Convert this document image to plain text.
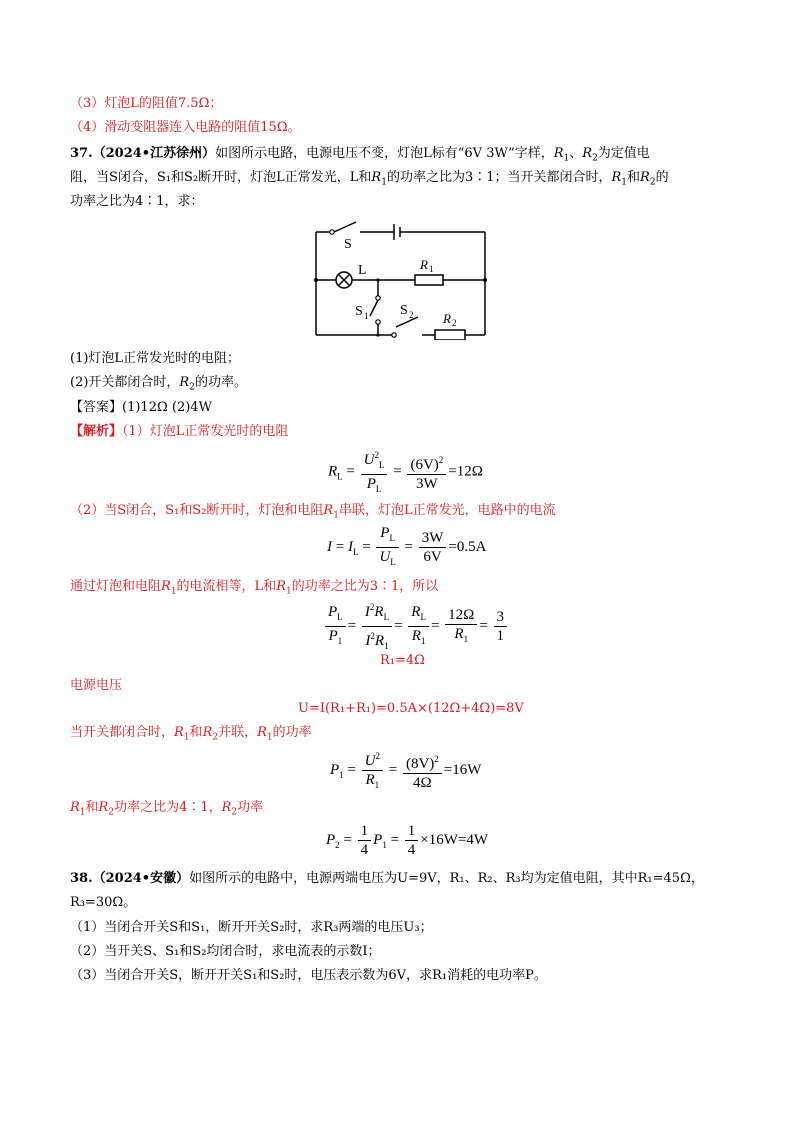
（3）灯泡L的阻值7.5Ω；
（4）滑动变阻器连入电路的阻值15Ω。
37.（2024•江苏徐州）如图所示电路，电源电压不变，灯泡L标有“6V 3W”字样，$R_1$、$R_2$为定值电
阻，当S闭合，S₁和S₂断开时，灯泡L正常发光，L和$R_1$的功率之比为3∶1；当开关都闭合时，$R_1$和$R_2$的
功率之比为4∶1，求：
S
L	R 1
S 1 S 2 R 2
(1)灯泡L正常发光时的电阻；
(2)开关都闭合时，$R_2$的功率。
【答案】(1)12Ω (2)4W
【解析】（1）灯泡L正常发光时的电阻
$R_L = \frac{U^2_L}{P_L} = \frac{(6V)^2}{3W} =12\Omega$
（2）当S闭合，S₁和S₂断开时，灯泡和电阻$R_1$串联，灯泡L正常发光，电路中的电流
$I = I_L = \frac{P_L}{U_L} = \frac{3W}{6V} =0.5A$
通过灯泡和电阻$R_1$的电流相等，L和$R_1$的功率之比为3∶1，所以
$\frac{P_L}{P_1} = \frac{I^2R_L}{I^2R_1} = \frac{R_L}{R_1} = \frac{12\Omega}{R_1} = \frac{3}{1}$
R₁=4Ω
电源电压
U=I(R₁+R₁)=0.5A×(12Ω+4Ω)=8V
当开关都闭合时，$R_1$和$R_2$并联，$R_1$的功率
$P_1 = \frac{U^2}{R_1} = \frac{(8V)^2}{4\Omega} =16W$
$R_1$和$R_2$功率之比为4∶1，$R_2$功率
$P_2 = \frac{1}{4} P_1 = \frac{1}{4} \times 16W=4W$
38.（2024•安徽）如图所示的电路中，电源两端电压为U=9V，R₁、R₂、R₃均为定值电阻，其中R₁=45Ω，
R₃=30Ω。
（1）当闭合开关S和S₁，断开开关S₂时，求R₃两端的电压U₃；
（2）当开关S、S₁和S₂均闭合时，求电流表的示数I；
（3）当闭合开关S，断开开关S₁和S₂时，电压表示数为6V，求R₁消耗的电功率P。
